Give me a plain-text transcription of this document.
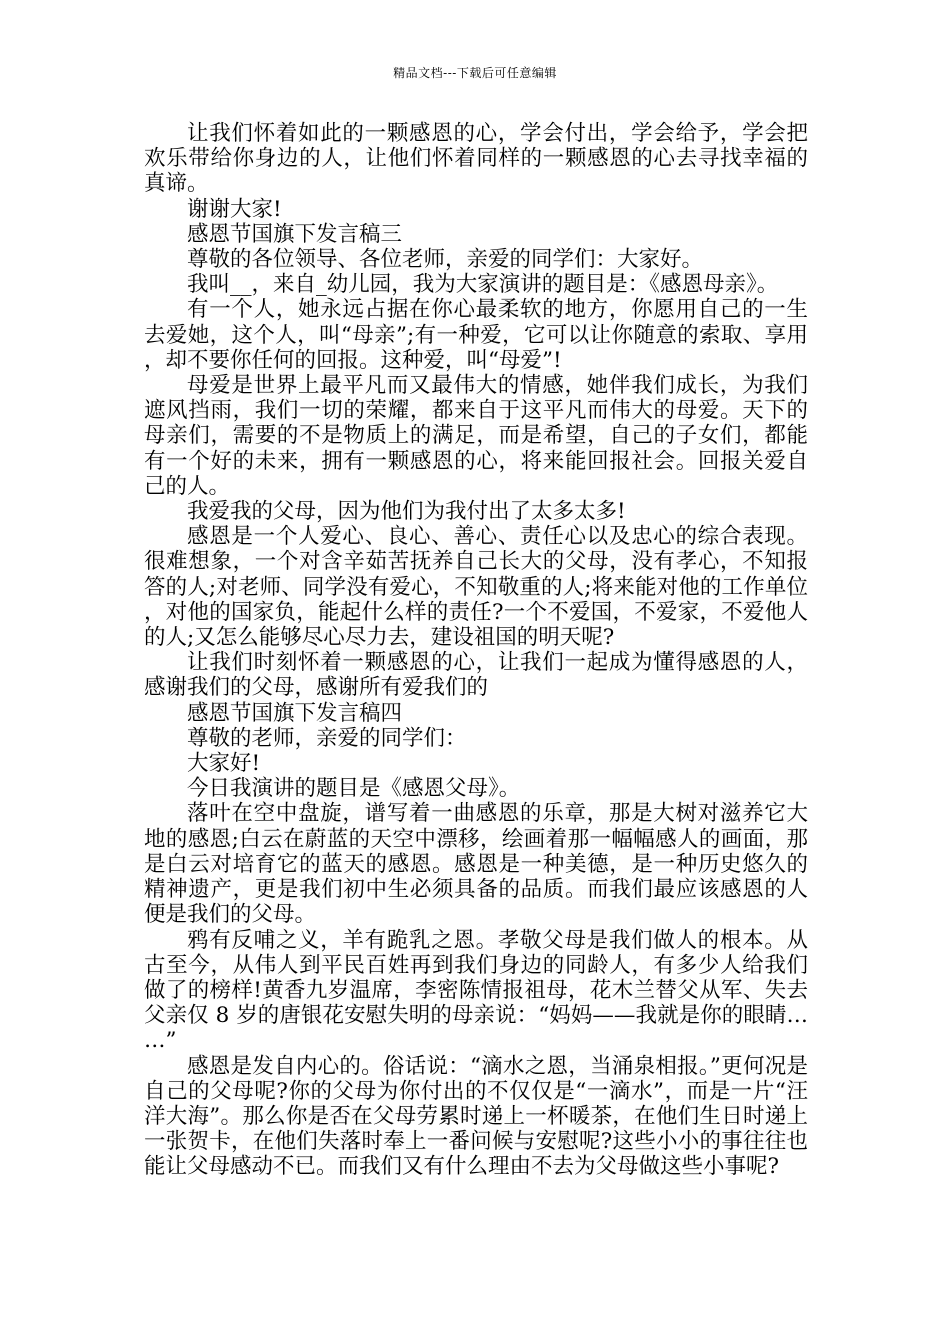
精品文档---下载后可任意编辑

让我们怀着如此的一颗感恩的心，学会付出，学会给予，学会把欢乐带给你身边的人，让他们怀着同样的一颗感恩的心去寻找幸福的真谛。

谢谢大家!

感恩节国旗下发言稿三

尊敬的各位领导、各位老师，亲爱的同学们：大家好。

我叫__，来自_幼儿园，我为大家演讲的题目是：《感恩母亲》。

有一个人，她永远占据在你心最柔软的地方，你愿用自己的一生去爱她，这个人，叫“母亲”;有一种爱，它可以让你随意的索取、享用，却不要你任何的回报。这种爱，叫“母爱”!

母爱是世界上最平凡而又最伟大的情感，她伴我们成长，为我们遮风挡雨，我们一切的荣耀，都来自于这平凡而伟大的母爱。天下的母亲们，需要的不是物质上的满足，而是希望，自己的子女们，都能有一个好的未来，拥有一颗感恩的心，将来能回报社会。回报关爱自己的人。

我爱我的父母，因为他们为我付出了太多太多!

感恩是一个人爱心、良心、善心、责任心以及忠心的综合表现。很难想象，一个对含辛茹苦抚养自己长大的父母，没有孝心，不知报答的人;对老师、同学没有爱心，不知敬重的人;将来能对他的工作单位，对他的国家负，能起什么样的责任?一个不爱国，不爱家，不爱他人的人;又怎么能够尽心尽力去，建设祖国的明天呢?

让我们时刻怀着一颗感恩的心，让我们一起成为懂得感恩的人，感谢我们的父母，感谢所有爱我们的

感恩节国旗下发言稿四

尊敬的老师，亲爱的同学们：

大家好!

今日我演讲的题目是《感恩父母》。

落叶在空中盘旋，谱写着一曲感恩的乐章，那是大树对滋养它大地的感恩;白云在蔚蓝的天空中漂移，绘画着那一幅幅感人的画面，那是白云对培育它的蓝天的感恩。感恩是一种美德，是一种历史悠久的精神遗产，更是我们初中生必须具备的品质。而我们最应该感恩的人便是我们的父母。

鸦有反哺之义，羊有跪乳之恩。孝敬父母是我们做人的根本。从古至今，从伟人到平民百姓再到我们身边的同龄人，有多少人给我们做了的榜样!黄香九岁温席，李密陈情报祖母，花木兰替父从军、失去父亲仅 8 岁的唐银花安慰失明的母亲说：“妈妈——我就是你的眼睛……”

感恩是发自内心的。俗话说：“滴水之恩，当涌泉相报。”更何况是自己的父母呢?你的父母为你付出的不仅仅是“一滴水”，而是一片“汪洋大海”。那么你是否在父母劳累时递上一杯暖茶，在他们生日时递上一张贺卡，在他们失落时奉上一番问候与安慰呢?这些小小的事往往也能让父母感动不已。而我们又有什么理由不去为父母做这些小事呢?
